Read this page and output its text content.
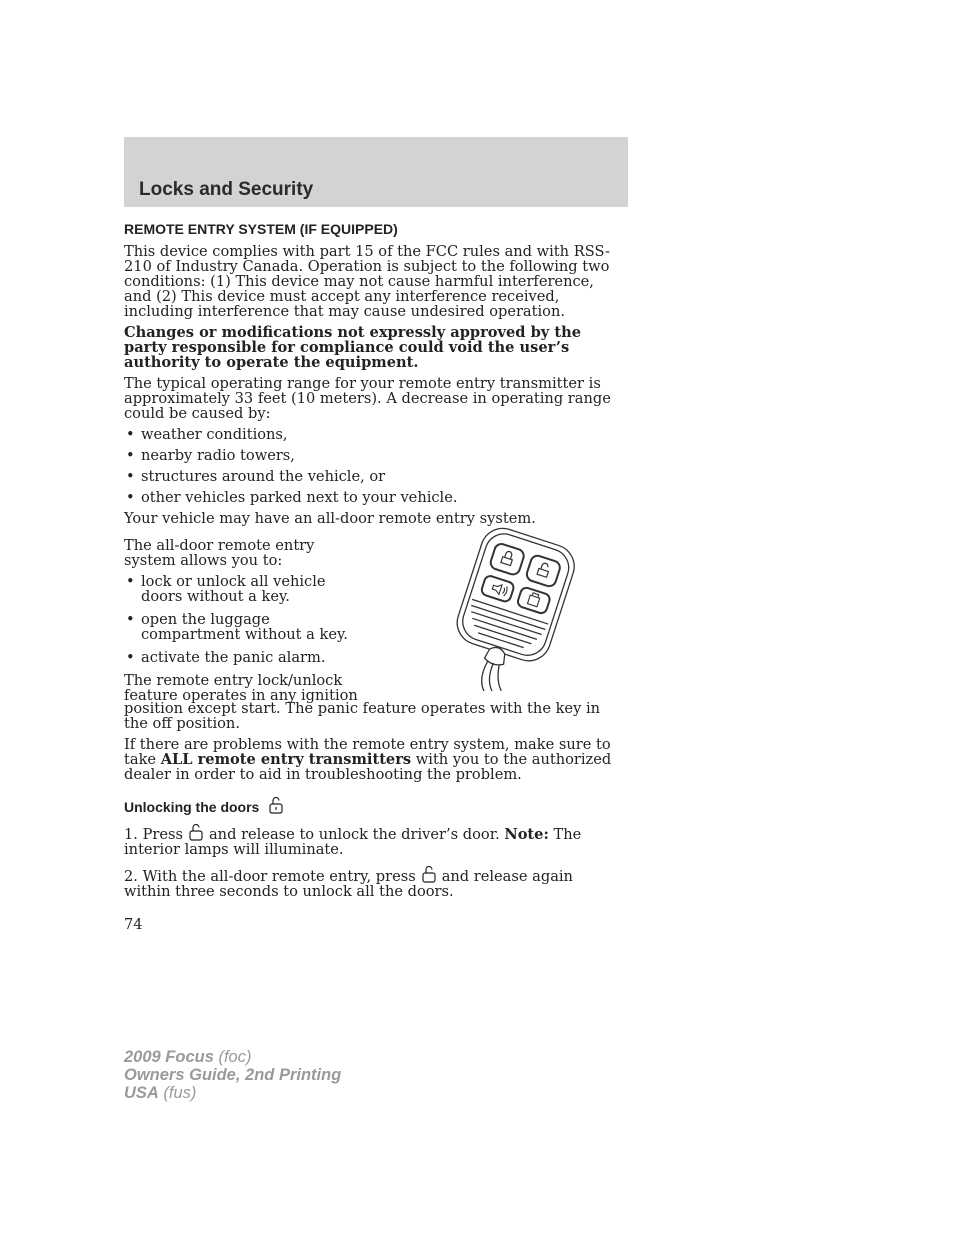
Locks and Security
REMOTE ENTRY SYSTEM (IF EQUIPPED)

This device complies with part 15 of the FCC rules and with RSS-210 of Industry Canada. Operation is subject to the following two conditions: (1) This device may not cause harmful interference, and (2) This device must accept any interference received, including interference that may cause undesired operation.

Changes or modifications not expressly approved by the party responsible for compliance could void the user’s authority to operate the equipment.

The typical operating range for your remote entry transmitter is approximately 33 feet (10 meters). A decrease in operating range could be caused by:

• weather conditions,
• nearby radio towers,
• structures around the vehicle, or
• other vehicles parked next to your vehicle.

Your vehicle may have an all-door remote entry system.

The all-door remote entry system allows you to:

• lock or unlock all vehicle doors without a key.
• open the luggage compartment without a key.
• activate the panic alarm.

The remote entry lock/unlock feature operates in any ignition

position except start. The panic feature operates with the key in the off position.

If there are problems with the remote entry system, make sure to take ALL remote entry transmitters with you to the authorized dealer in order to aid in troubleshooting the problem.

Unlocking the doors

1. Press and release to unlock the driver’s door. Note: The interior lamps will illuminate.

2. With the all-door remote entry, press and release again within three seconds to unlock all the doors.

74

2009 Focus (foc)
Owners Guide, 2nd Printing
USA (fus)
